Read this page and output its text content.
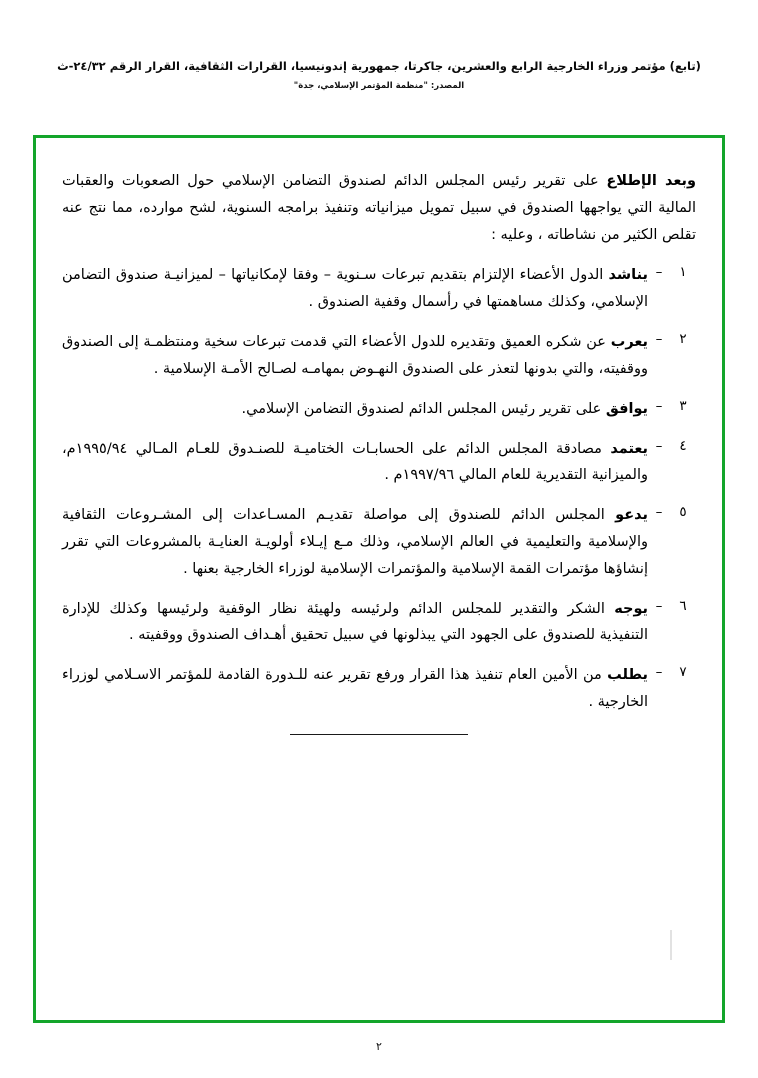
(تابع) مؤتمر وزراء الخارجية الرابع والعشرين، جاكرتا، جمهورية إندونيسيا، القرارات الثقافية، القرار الرقم ٢٤/٣٢-ث
المصدر: "منظمة المؤتمر الإسلامي، جدة"

وبعد الإطلاع على تقرير رئيس المجلس الدائم لصندوق التضامن الإسلامي حول الصعوبات والعقبات المالية التي يواجهها الصندوق في سبيل تمويل ميزانياته وتنفيذ برامجه السنوية، لشح موارده، مما نتج عنه تقلص الكثير من نشاطاته ، وعليه :

١
–
يناشد الدول الأعضاء الإلتزام بتقديم تبرعات سـنوية – وفقا لإمكانياتها – لميزانيـة صندوق التضامن الإسلامي، وكذلك مساهمتها في رأسمال وقفية الصندوق .
٢
–
يعرب عن شكره العميق وتقديره للدول الأعضاء التي قدمت تبرعات سخية ومنتظمـة إلى الصندوق ووقفيته، والتي بدونها لتعذر على الصندوق النهـوض بمهامـه لصـالح الأمـة الإسلامية .
٣
–
يوافق على تقرير رئيس المجلس الدائم لصندوق التضامن الإسلامي.
٤
–
يعتمد مصادقة المجلس الدائم على الحسابـات الختاميـة للصنـدوق للعـام المـالي ١٩٩٥/٩٤م، والميزانية التقديرية للعام المالي ١٩٩٧/٩٦م .
٥
–
يدعو المجلس الدائم للصندوق إلى مواصلة تقديـم المسـاعدات إلى المشـروعات الثقافية والإسلامية والتعليمية في العالم الإسلامي، وذلك مـع إيـلاء أولويـة العنايـة بالمشروعات التي تقرر إنشاؤها مؤتمرات القمة الإسلامية والمؤتمرات الإسلامية لوزراء الخارجية بعنها .
٦
–
يوجه الشكر والتقدير للمجلس الدائم ولرئيسه ولهيئة نظار الوقفية ولرئيسها وكذلك للإدارة التنفيذية للصندوق على الجهود التي يبذلونها في سبيل تحقيق أهـداف الصندوق ووقفيته .
٧
–
يطلب من الأمين العام تنفيذ هذا القرار ورفع تقرير عنه للـدورة القادمة للمؤتمر الاسـلامي لوزراء الخارجية .
٢
